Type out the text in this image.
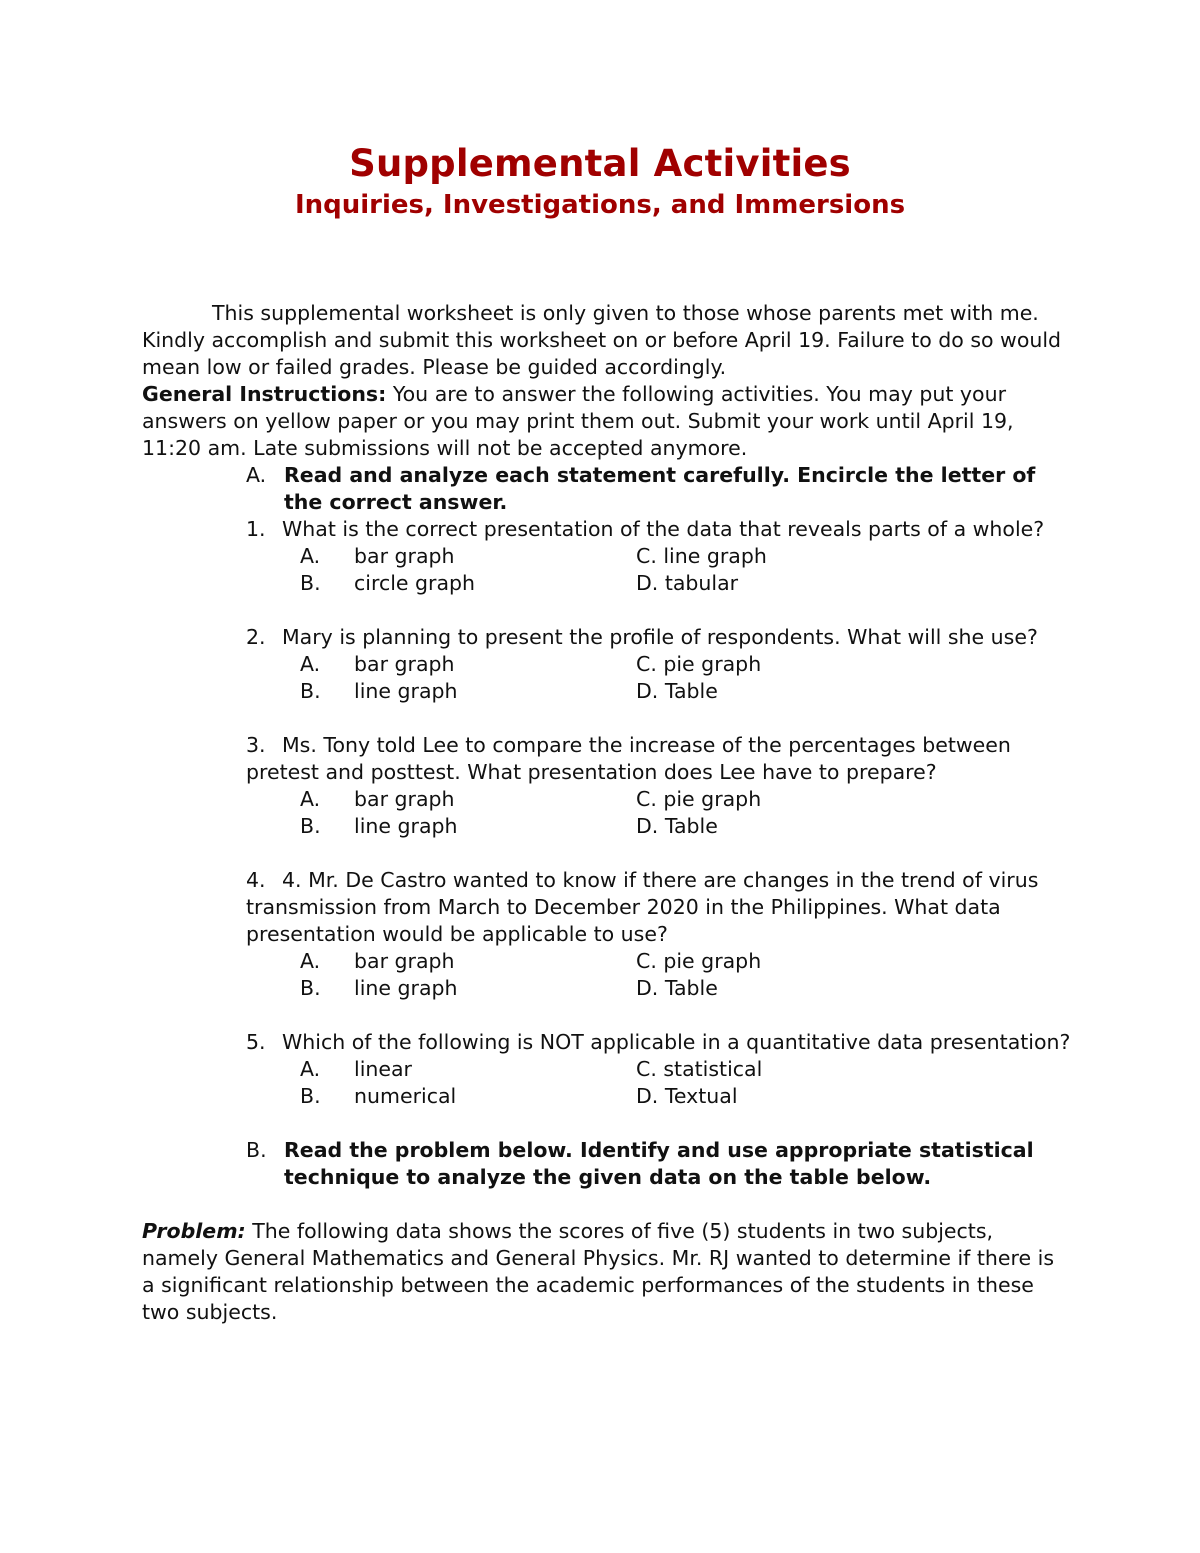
Supplemental Activities
Inquiries, Investigations, and Immersions

This supplemental worksheet is only given to those whose parents met with me. Kindly accomplish and submit this worksheet on or before April 19. Failure to do so would mean low or failed grades. Please be guided accordingly.

General Instructions: You are to answer the following activities. You may put your answers on yellow paper or you may print them out. Submit your work until April 19, 11:20 am. Late submissions will not be accepted anymore.

A. Read and analyze each statement carefully. Encircle the letter of the correct answer.
1. What is the correct presentation of the data that reveals parts of a whole?
A.	bar graph	C. line graph
B.	circle graph	D. tabular
2. Mary is planning to present the profile of respondents. What will she use?
A.	bar graph	C. pie graph
B.	line graph	D. Table
3. Ms. Tony told Lee to compare the increase of the percentages between pretest and posttest. What presentation does Lee have to prepare?
A.	bar graph	C. pie graph
B.	line graph	D. Table
4. 4. Mr. De Castro wanted to know if there are changes in the trend of virus transmission from March to December 2020 in the Philippines. What data presentation would be applicable to use?
A.	bar graph	C. pie graph
B.	line graph	D. Table
5. Which of the following is NOT applicable in a quantitative data presentation?
A.	linear	C. statistical
B.	numerical	D. Textual
B. Read the problem below. Identify and use appropriate statistical technique to analyze the given data on the table below.

Problem: The following data shows the scores of five (5) students in two subjects, namely General Mathematics and General Physics. Mr. RJ wanted to determine if there is a significant relationship between the academic performances of the students in these two subjects.
